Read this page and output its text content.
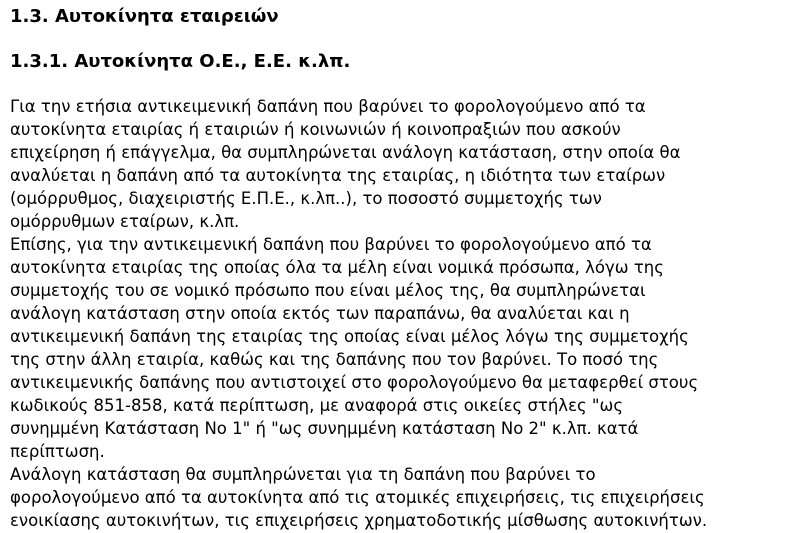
1.3. Αυτοκίνητα εταιρειών
1.3.1. Αυτοκίνητα Ο.Ε., Ε.Ε. κ.λπ.
Για την ετήσια αντικειμενική δαπάνη που βαρύνει το φορολογούμενο από τα
αυτοκίνητα εταιρίας ή εταιριών ή κοινωνιών ή κοινοπραξιών που ασκούν
επιχείρηση ή επάγγελμα, θα συμπληρώνεται ανάλογη κατάσταση, στην οποία θα
αναλύεται η δαπάνη από τα αυτοκίνητα της εταιρίας, η ιδιότητα των εταίρων
(ομόρρυθμος, διαχειριστής Ε.Π.Ε., κ.λπ..), το ποσοστό συμμετοχής των
ομόρρυθμων εταίρων, κ.λπ.
Επίσης, για την αντικειμενική δαπάνη που βαρύνει το φορολογούμενο από τα
αυτοκίνητα εταιρίας της οποίας όλα τα μέλη είναι νομικά πρόσωπα, λόγω της
συμμετοχής του σε νομικό πρόσωπο που είναι μέλος της, θα συμπληρώνεται
ανάλογη κατάσταση στην οποία εκτός των παραπάνω, θα αναλύεται και η
αντικειμενική δαπάνη της εταιρίας της οποίας είναι μέλος λόγω της συμμετοχής
της στην άλλη εταιρία, καθώς και της δαπάνης που τον βαρύνει. Το ποσό της
αντικειμενικής δαπάνης που αντιστοιχεί στο φορολογούμενο θα μεταφερθεί στους
κωδικούς 851-858, κατά περίπτωση, με αναφορά στις οικείες στήλες "ως
συνημμένη Κατάσταση Νο 1" ή "ως συνημμένη κατάσταση Νο 2" κ.λπ. κατά
περίπτωση.
Ανάλογη κατάσταση θα συμπληρώνεται για τη δαπάνη που βαρύνει το
φορολογούμενο από τα αυτοκίνητα από τις ατομικές επιχειρήσεις, τις επιχειρήσεις
ενοικίασης αυτοκινήτων, τις επιχειρήσεις χρηματοδοτικής μίσθωσης αυτοκινήτων.
